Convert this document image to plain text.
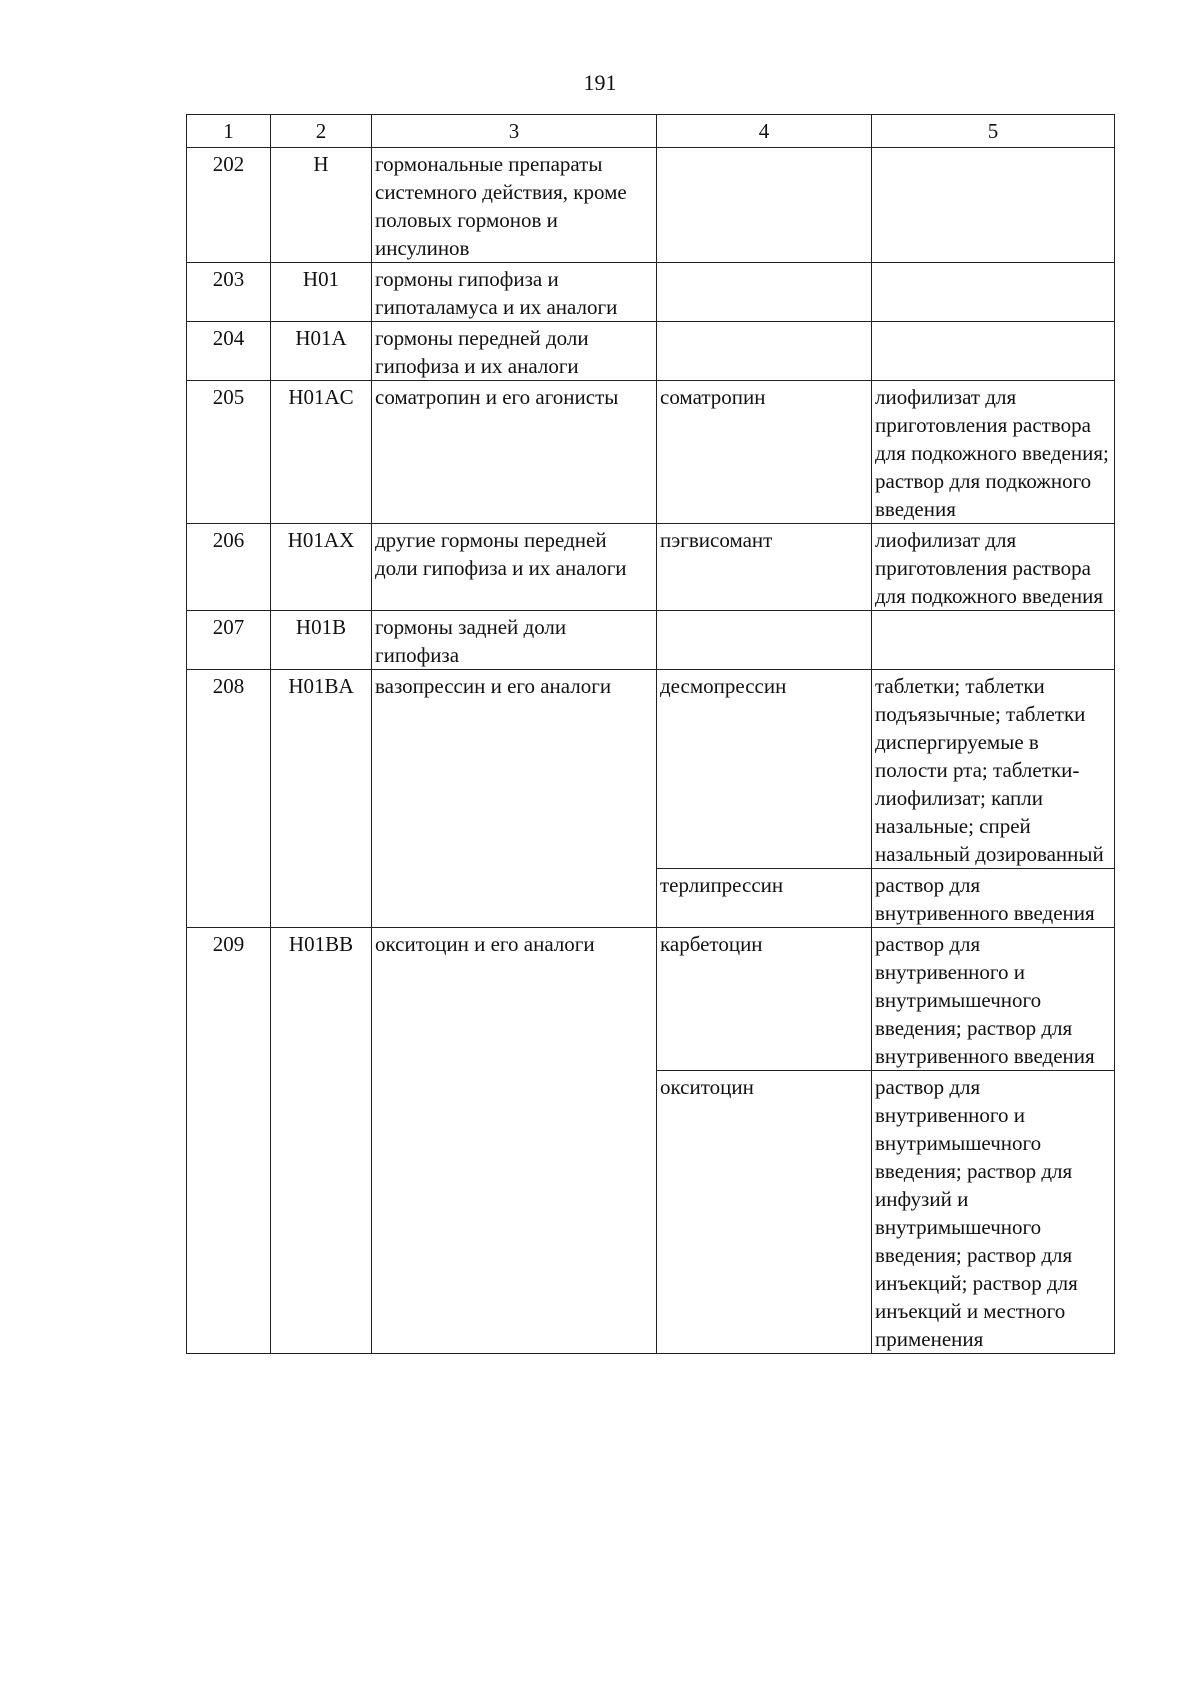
191
1	2	3	4	5
202	H	гормональные препараты системного действия, кроме половых гормонов и инсулинов		
203	H01	гормоны гипофиза и гипоталамуса и их аналоги		
204	H01A	гормоны передней доли гипофиза и их аналоги		
205	H01AC	соматропин и его агонисты	соматропин	лиофилизат для приготовления раствора для подкожного введения; раствор для подкожного введения
206	H01AX	другие гормоны передней доли гипофиза и их аналоги	пэгвисомант	лиофилизат для приготовления раствора для подкожного введения
207	H01B	гормоны задней доли гипофиза		
208	H01BA	вазопрессин и его аналоги	десмопрессин	таблетки; таблетки подъязычные; таблетки диспергируемые в полости рта; таблетки-лиофилизат; капли назальные; спрей назальный дозированный
			терлипрессин	раствор для внутривенного введения
209	H01BB	окситоцин и его аналоги	карбетоцин	раствор для внутривенного и внутримышечного введения; раствор для внутривенного введения
			окситоцин	раствор для внутривенного и внутримышечного введения; раствор для инфузий и внутримышечного введения; раствор для инъекций; раствор для инъекций и местного применения
